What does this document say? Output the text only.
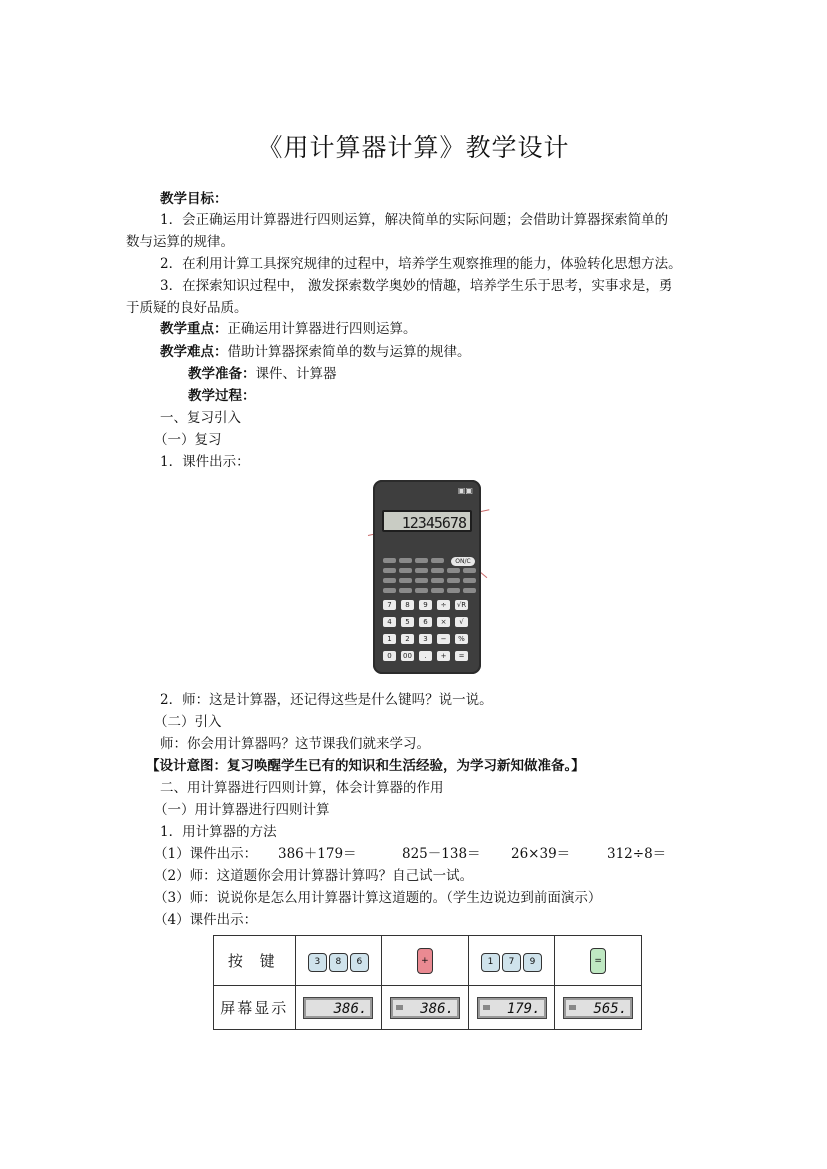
《用计算器计算》教学设计
教学目标：
1．会正确运用计算器进行四则运算，解决简单的实际问题；会借助计算器探索简单的
数与运算的规律。
2．在利用计算工具探究规律的过程中，培养学生观察推理的能力，体验转化思想方法。
3．在探索知识过程中， 激发探索数学奥妙的情趣，培养学生乐于思考，实事求是，勇
于质疑的良好品质。
教学重点：正确运用计算器进行四则运算。
教学难点：借助计算器探索简单的数与运算的规律。
教学准备：课件、计算器
教学过程：
一、复习引入
（一）复习
1．课件出示：
▣▣
12345678
ON/C
7	8	9	÷	√R
4	5	6	×	√
1	2	3	−	%
0	00	.	+	=
2．师：这是计算器，还记得这些是什么键吗？说一说。
（二）引入
师：你会用计算器吗？这节课我们就来学习。
【设计意图：复习唤醒学生已有的知识和生活经验，为学习新知做准备。】
二、用计算器进行四则计算，体会计算器的作用
（一）用计算器进行四则计算
1．用计算器的方法
（1）课件出示： 386＋179＝	825－138＝ 26×39＝	312÷8＝
（2）师：这道题你会用计算器计算吗？自己试一试。
（3）师：说说你是怎么用计算器计算这道题的。（学生边说边到前面演示）
（4）课件出示：
按 键	3 8 6	+	1 7 9	=
屏幕显示	386.	386.	179.	565.
